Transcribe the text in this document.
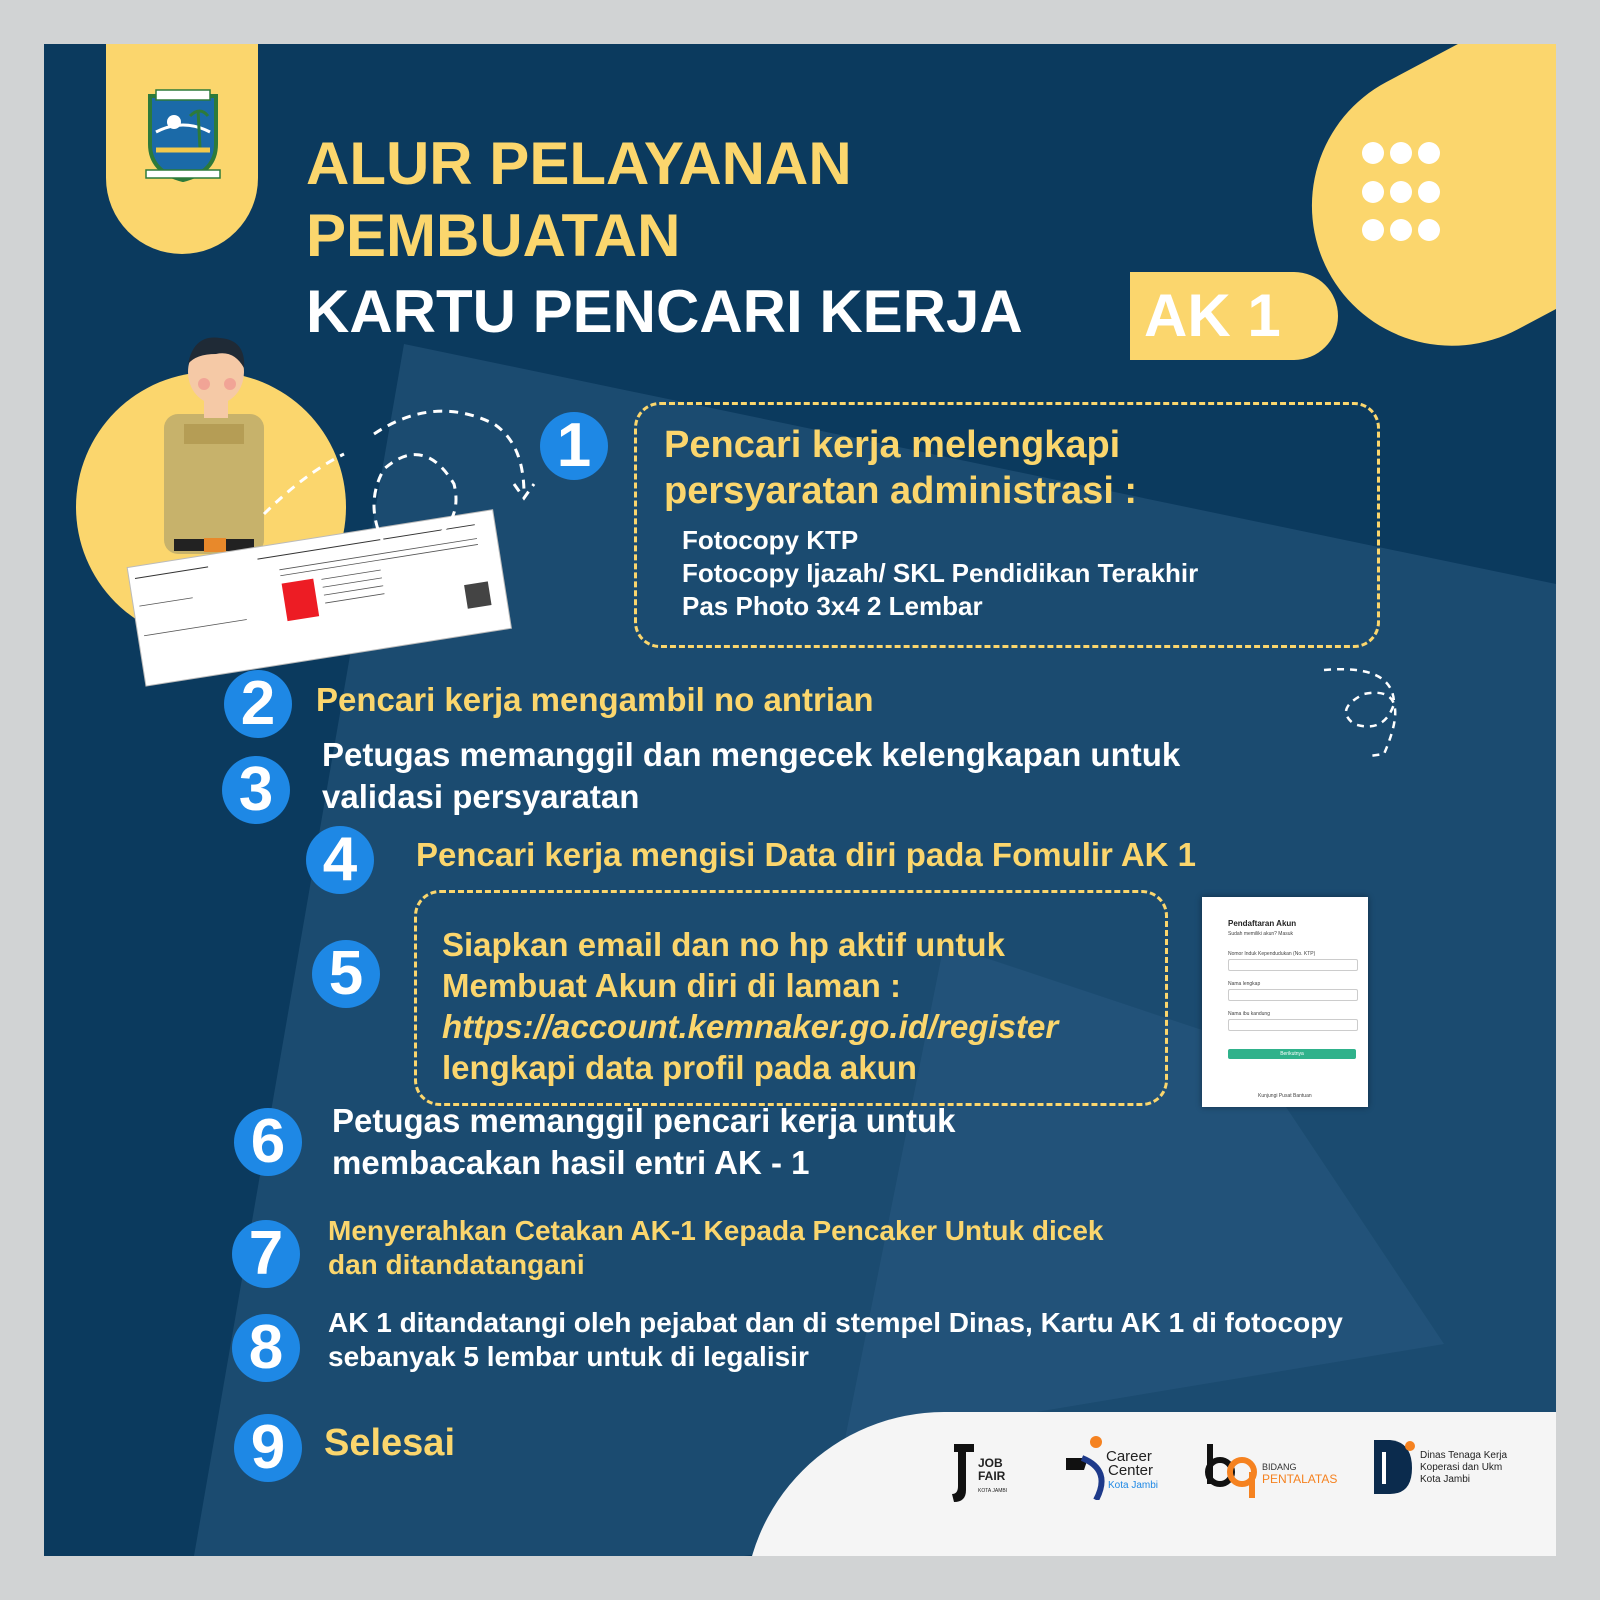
ALUR PELAYANAN
PEMBUATAN
AK 1
KARTU PENCARI KERJA
1	Pencari kerja melengkapi

persyaratan administrasi :

Fotocopy KTP
Fotocopy Ijazah/ SKL Pendidikan Terakhir
Pas Photo 3x4 2 Lembar
2	Pencari kerja mengambil no antrian

3

Petugas memanggil dan mengecek kelengkapan untuk

validasi persyaratan

4	Pencari kerja mengisi Data diri pada Fomulir AK 1

5	Siapkan email dan no hp aktif untuk
Membuat Akun diri di laman :
https://account.kemnaker.go.id/register
lengkapi data profil pada akun
Pendaftaran Akun
Sudah memiliki akun? Masuk
Nomor Induk Kependudukan (No. KTP)
Nama lengkap
Nama ibu kandung
Berikutnya
Kunjungi Pusat Bantuan
6	Petugas memanggil pencari kerja untuk

membacakan hasil entri AK - 1

7	Menyerahkan Cetakan AK-1 Kepada Pencaker Untuk dicek

dan ditandatangani

8	AK 1 ditandatangi oleh pejabat dan di stempel Dinas, Kartu AK 1 di fotocopy

sebanyak 5 lembar untuk di legalisir

9	Selesai	JOB
FAIR
KOTA JAMBI
Career
Center
Kota Jambi
BIDANG
PENTALATAS
Dinas Tenaga Kerja
Koperasi dan Ukm
Kota Jambi
